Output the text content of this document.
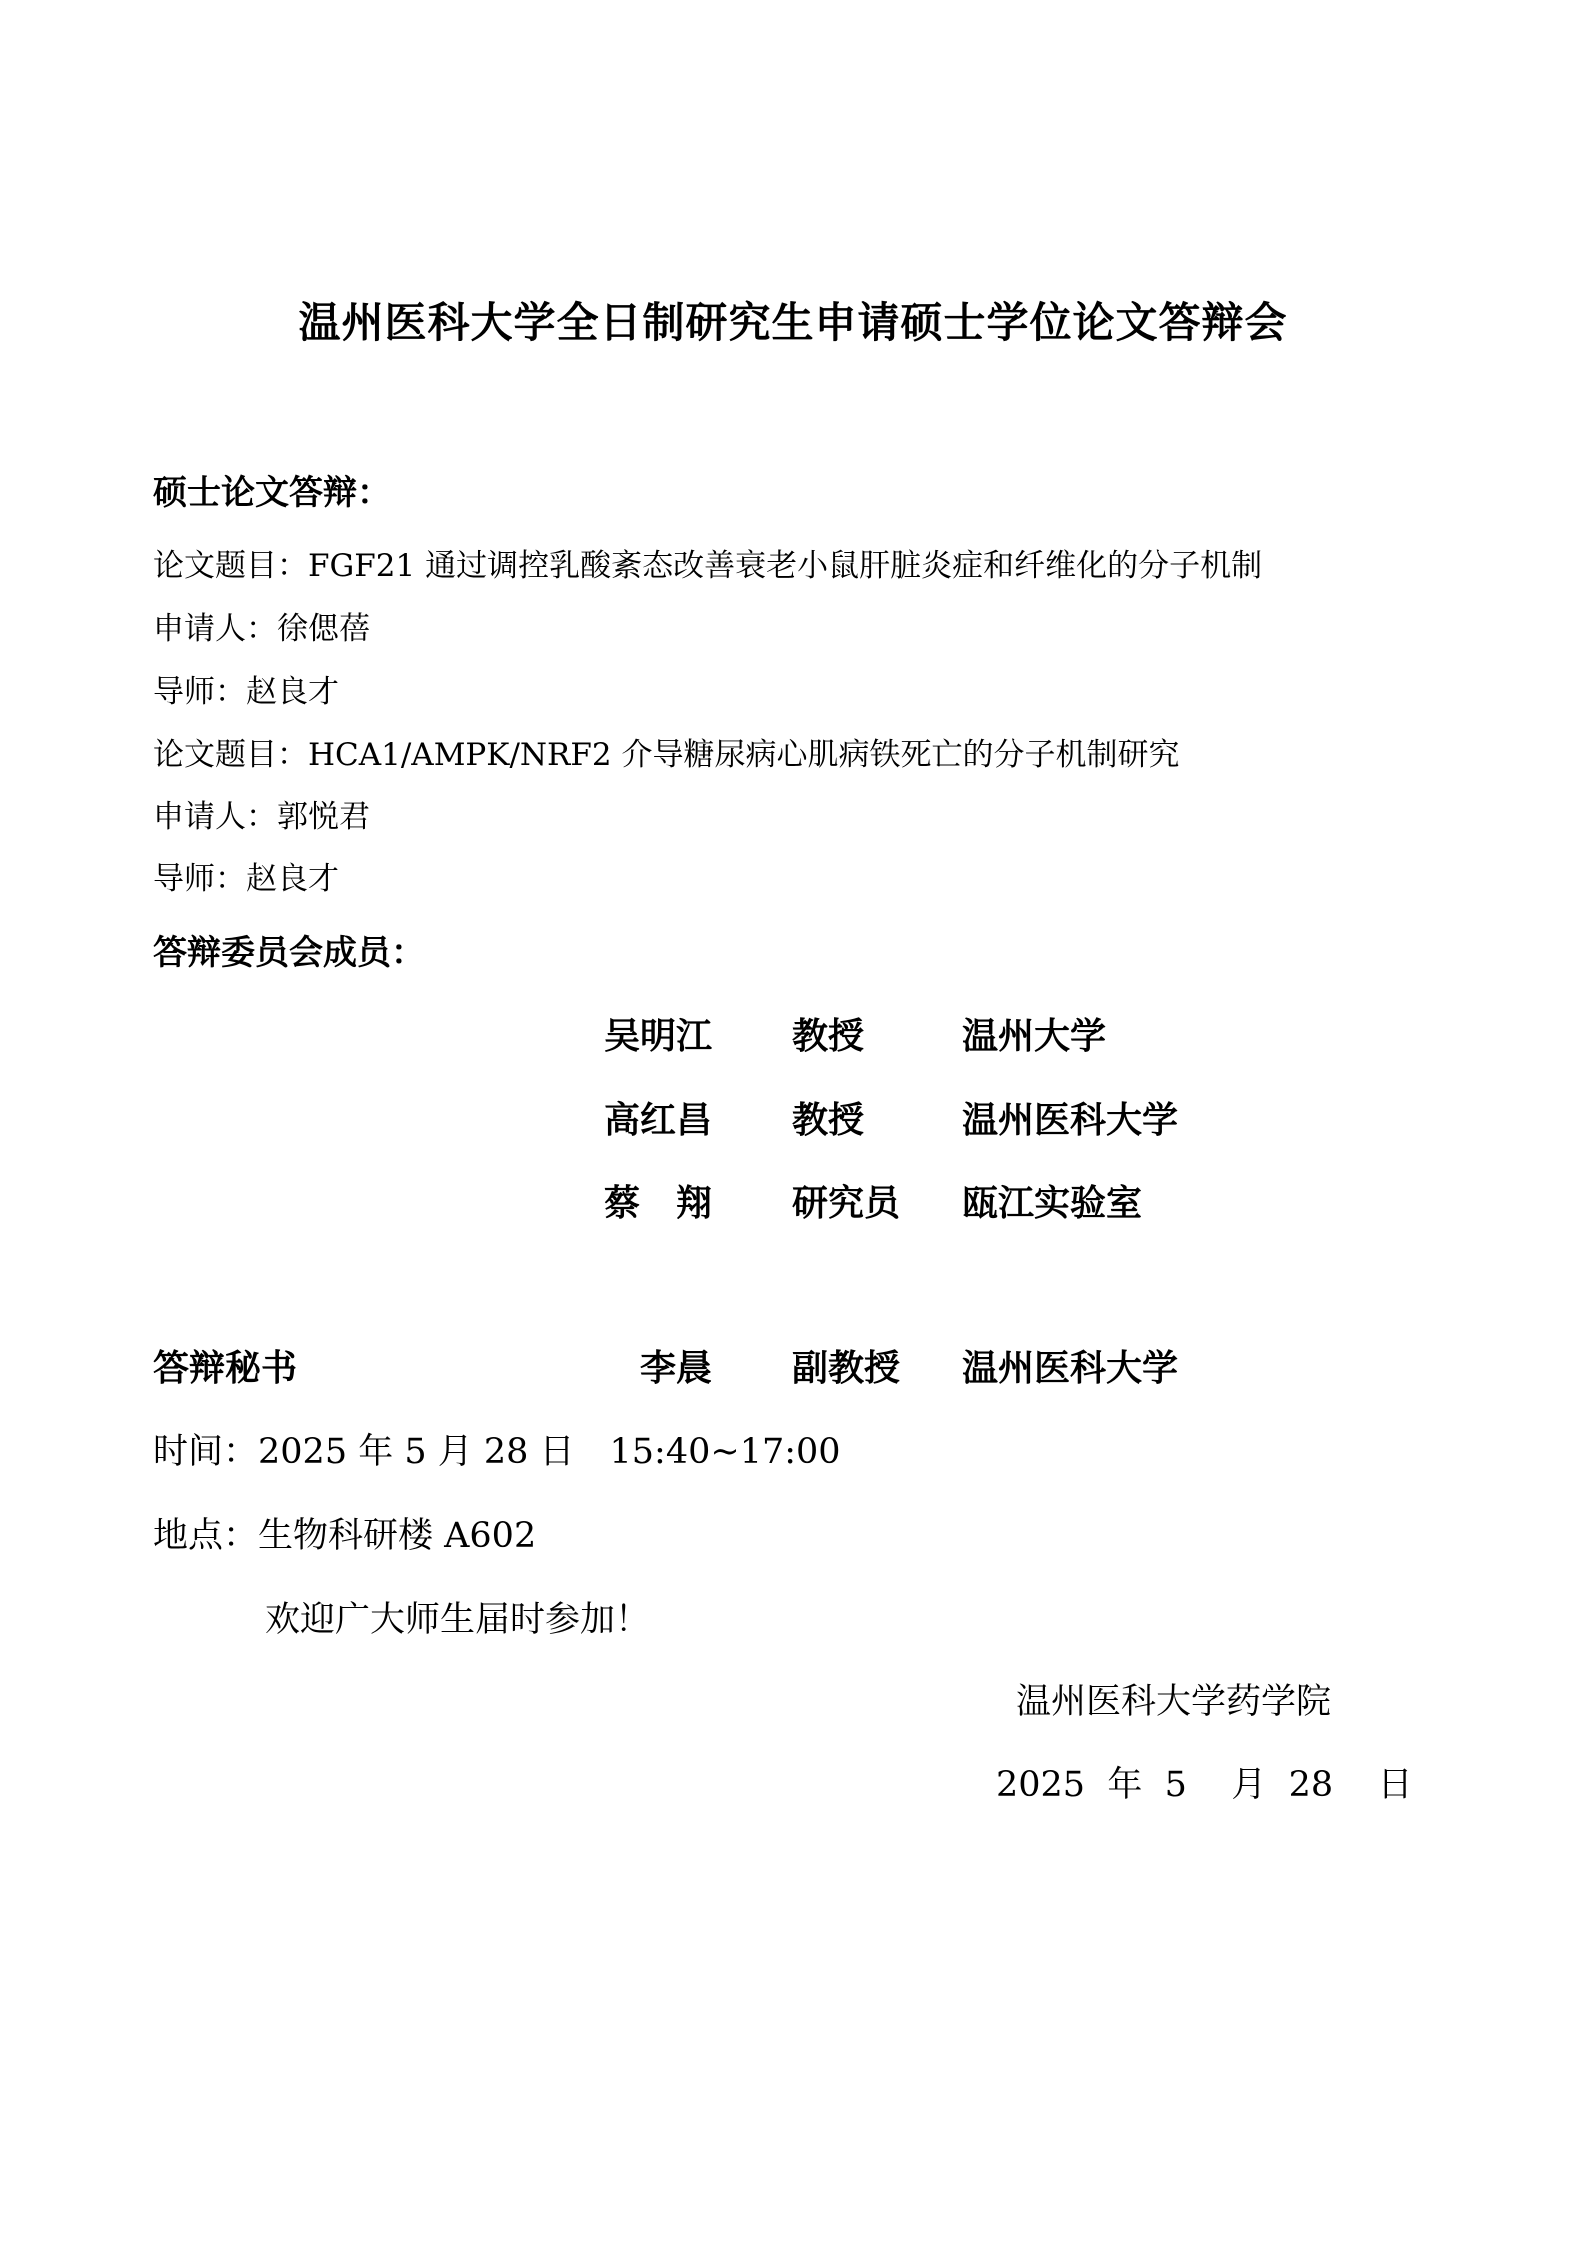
温州医科大学全日制研究生申请硕士学位论文答辩会
硕士论文答辩：
论文题目：FGF21 通过调控乳酸紊态改善衰老小鼠肝脏炎症和纤维化的分子机制
申请人：徐偲蓓
导师：赵良才
论文题目：HCA1/AMPK/NRF2 介导糖尿病心肌病铁死亡的分子机制研究
申请人：郭悦君
导师：赵良才
答辩委员会成员：
吴明江 教授	温州大学
高红昌 教授	温州医科大学
蔡　翔 研究员 瓯江实验室
答辩秘书	李晨 副教授 温州医科大学
时间：2025 年 5 月 28 日　15:40~17:00
地点：生物科研楼 A602
欢迎广大师生届时参加！
温州医科大学药学院
2025  年  5    月  28    日
